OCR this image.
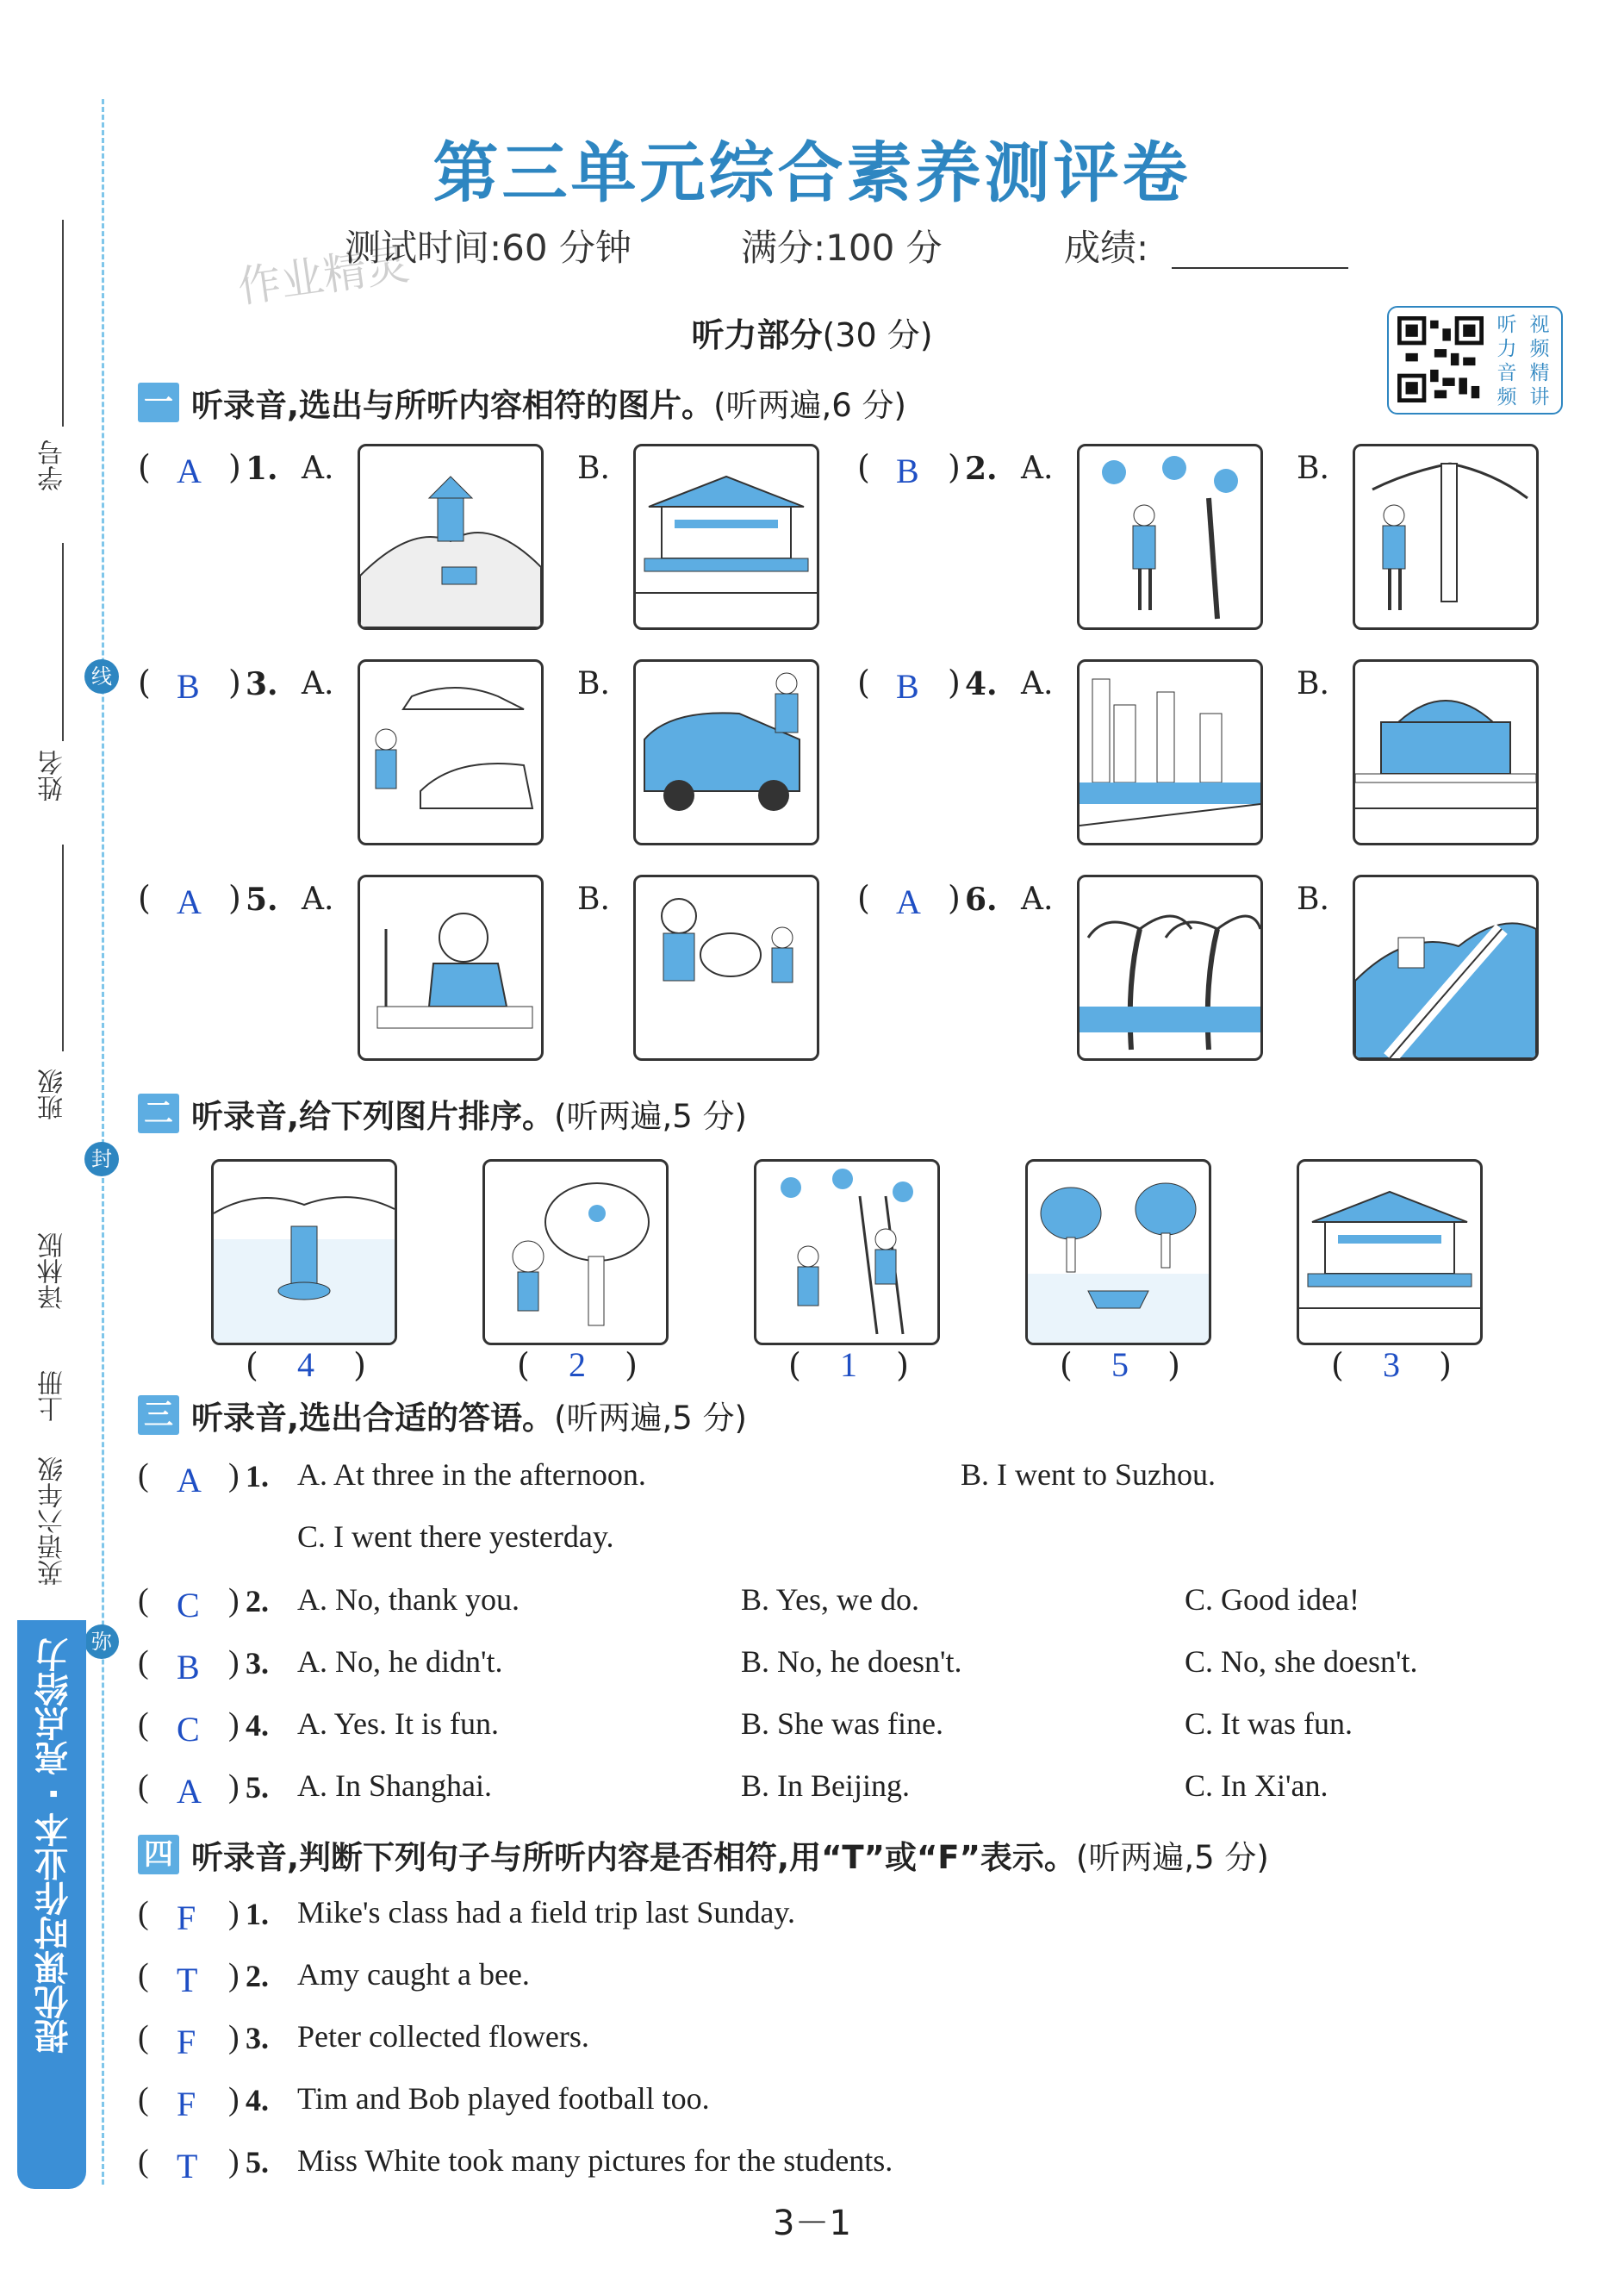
学号
姓名
班级
译林版
上册
英语六年级
线
封
弥
提优课时作业本 · 亮点给力
第三单元综合素养测评卷
作业精灵
测试时间:60 分钟	满分:100 分	成绩:
听力部分(30 分)	听 视
力 频
音 精
频 讲
一 听录音,选出与所听内容相符的图片。 (听两遍,6 分)
( A ) 1. A.	B.	( B ) 2. A.	B.
( B ) 3. A.	B.	( B ) 4. A.	B.
( A ) 5. A.	B.	( A ) 6. A.	B.
二 听录音,给下列图片排序。 (听两遍,5 分)
( 4 )	( 2 )	( 1 )	( 5 )	( 3 )
三 听录音,选出合适的答语。 (听两遍,5 分)
( A ) 1. A. At three in the afternoon.	B. I went to Suzhou.
C. I went there yesterday.
( C ) 2. A. No, thank you.	B. Yes, we do.	C. Good idea!
( B ) 3. A. No, he didn't.	B. No, he doesn't.	C. No, she doesn't.
( C ) 4. A. Yes. It is fun.	B. She was fine.	C. It was fun.
( A ) 5. A. In Shanghai.	B. In Beijing.	C. In Xi'an.
四 听录音,判断下列句子与所听内容是否相符,用“T”或“F”表示。 (听两遍,5 分)
( F ) 1. Mike's class had a field trip last Sunday.
( T ) 2. Amy caught a bee.
( F ) 3. Peter collected flowers.
( F ) 4. Tim and Bob played football too.
( T ) 5. Miss White took many pictures for the students.
3－1
